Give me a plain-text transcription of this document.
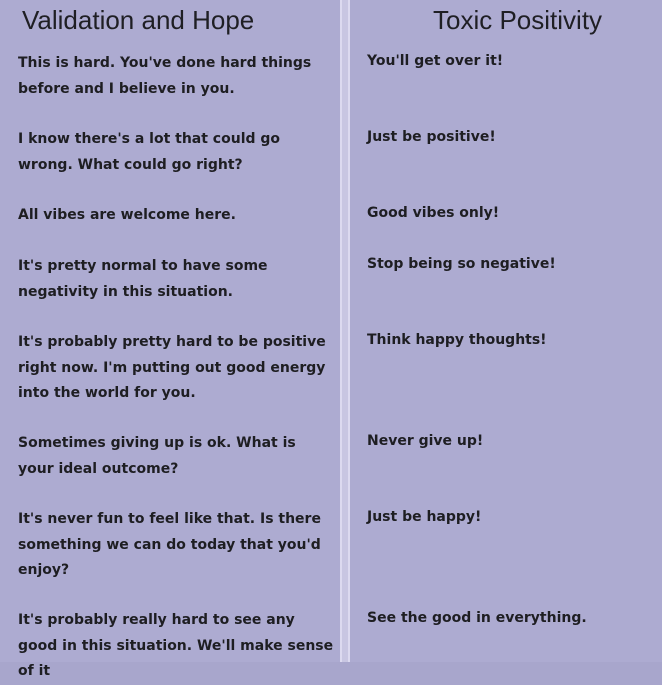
Validation and Hope	Toxic Positivity

This is hard. You've done hard things before and I believe in you.

You'll get over it!

I know there's a lot that could go wrong. What could go right?

Just be positive!

All vibes are welcome here.	Good vibes only!

It's pretty normal to have some negativity in this situation.

Stop being so negative!

It's probably pretty hard to be positive right now. I'm putting out good energy into the world for you.

Think happy thoughts!

Sometimes giving up is ok. What is your ideal outcome?

Never give up!

It's never fun to feel like that. Is there something we can do today that you'd enjoy?

Just be happy!

It's probably really hard to see any good in this situation. We'll make sense of it

See the good in everything.
